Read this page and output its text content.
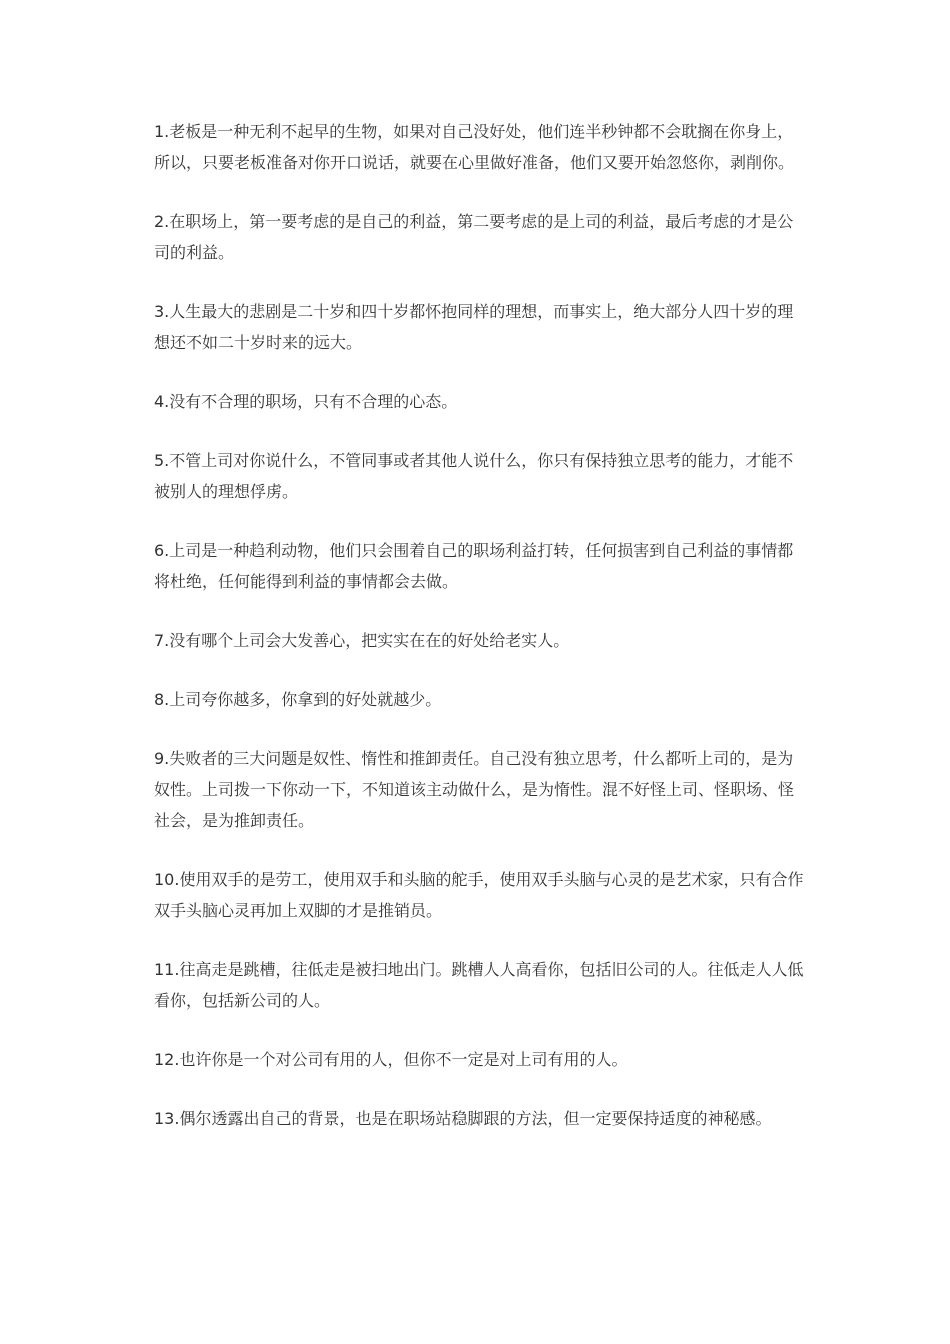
1.老板是一种无利不起早的生物，如果对自己没好处，他们连半秒钟都不会耽搁在你身上，所以，只要老板准备对你开口说话，就要在心里做好准备，他们又要开始忽悠你，剥削你。

2.在职场上，第一要考虑的是自己的利益，第二要考虑的是上司的利益，最后考虑的才是公司的利益。

3.人生最大的悲剧是二十岁和四十岁都怀抱同样的理想，而事实上，绝大部分人四十岁的理想还不如二十岁时来的远大。

4.没有不合理的职场，只有不合理的心态。

5.不管上司对你说什么，不管同事或者其他人说什么，你只有保持独立思考的能力，才能不被别人的理想俘虏。

6.上司是一种趋利动物，他们只会围着自己的职场利益打转，任何损害到自己利益的事情都将杜绝，任何能得到利益的事情都会去做。

7.没有哪个上司会大发善心，把实实在在的好处给老实人。

8.上司夸你越多，你拿到的好处就越少。

9.失败者的三大问题是奴性、惰性和推卸责任。自己没有独立思考，什么都听上司的，是为奴性。上司拨一下你动一下，不知道该主动做什么，是为惰性。混不好怪上司、怪职场、怪社会，是为推卸责任。

10.使用双手的是劳工，使用双手和头脑的舵手，使用双手头脑与心灵的是艺术家，只有合作双手头脑心灵再加上双脚的才是推销员。

11.往高走是跳槽，往低走是被扫地出门。跳槽人人高看你，包括旧公司的人。往低走人人低看你，包括新公司的人。

12.也许你是一个对公司有用的人，但你不一定是对上司有用的人。

13.偶尔透露出自己的背景，也是在职场站稳脚跟的方法，但一定要保持适度的神秘感。
